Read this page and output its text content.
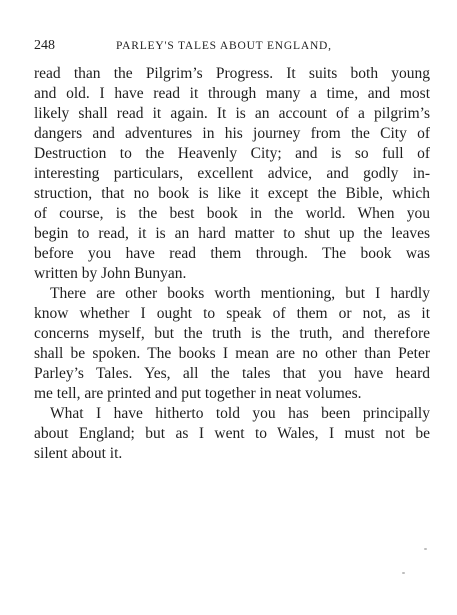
248	PARLEY'S TALES ABOUT ENGLAND,
read than the Pilgrim’s Progress. It suits both young
and old. I have read it through many a time, and most
likely shall read it again. It is an account of a pilgrim’s
dangers and adventures in his journey from the City of
Destruction to the Heavenly City; and is so full of
interesting particulars, excellent advice, and godly in-
struction, that no book is like it except the Bible, which
of course, is the best book in the world. When you
begin to read, it is an hard matter to shut up the leaves
before you have read them through. The book was
written by John Bunyan.
There are other books worth mentioning, but I hardly
know whether I ought to speak of them or not, as it
concerns myself, but the truth is the truth, and therefore
shall be spoken. The books I mean are no other than Peter
Parley’s Tales. Yes, all the tales that you have heard
me tell, are printed and put together in neat volumes.
What I have hitherto told you has been principally
about England; but as I went to Wales, I must not be
silent about it.
